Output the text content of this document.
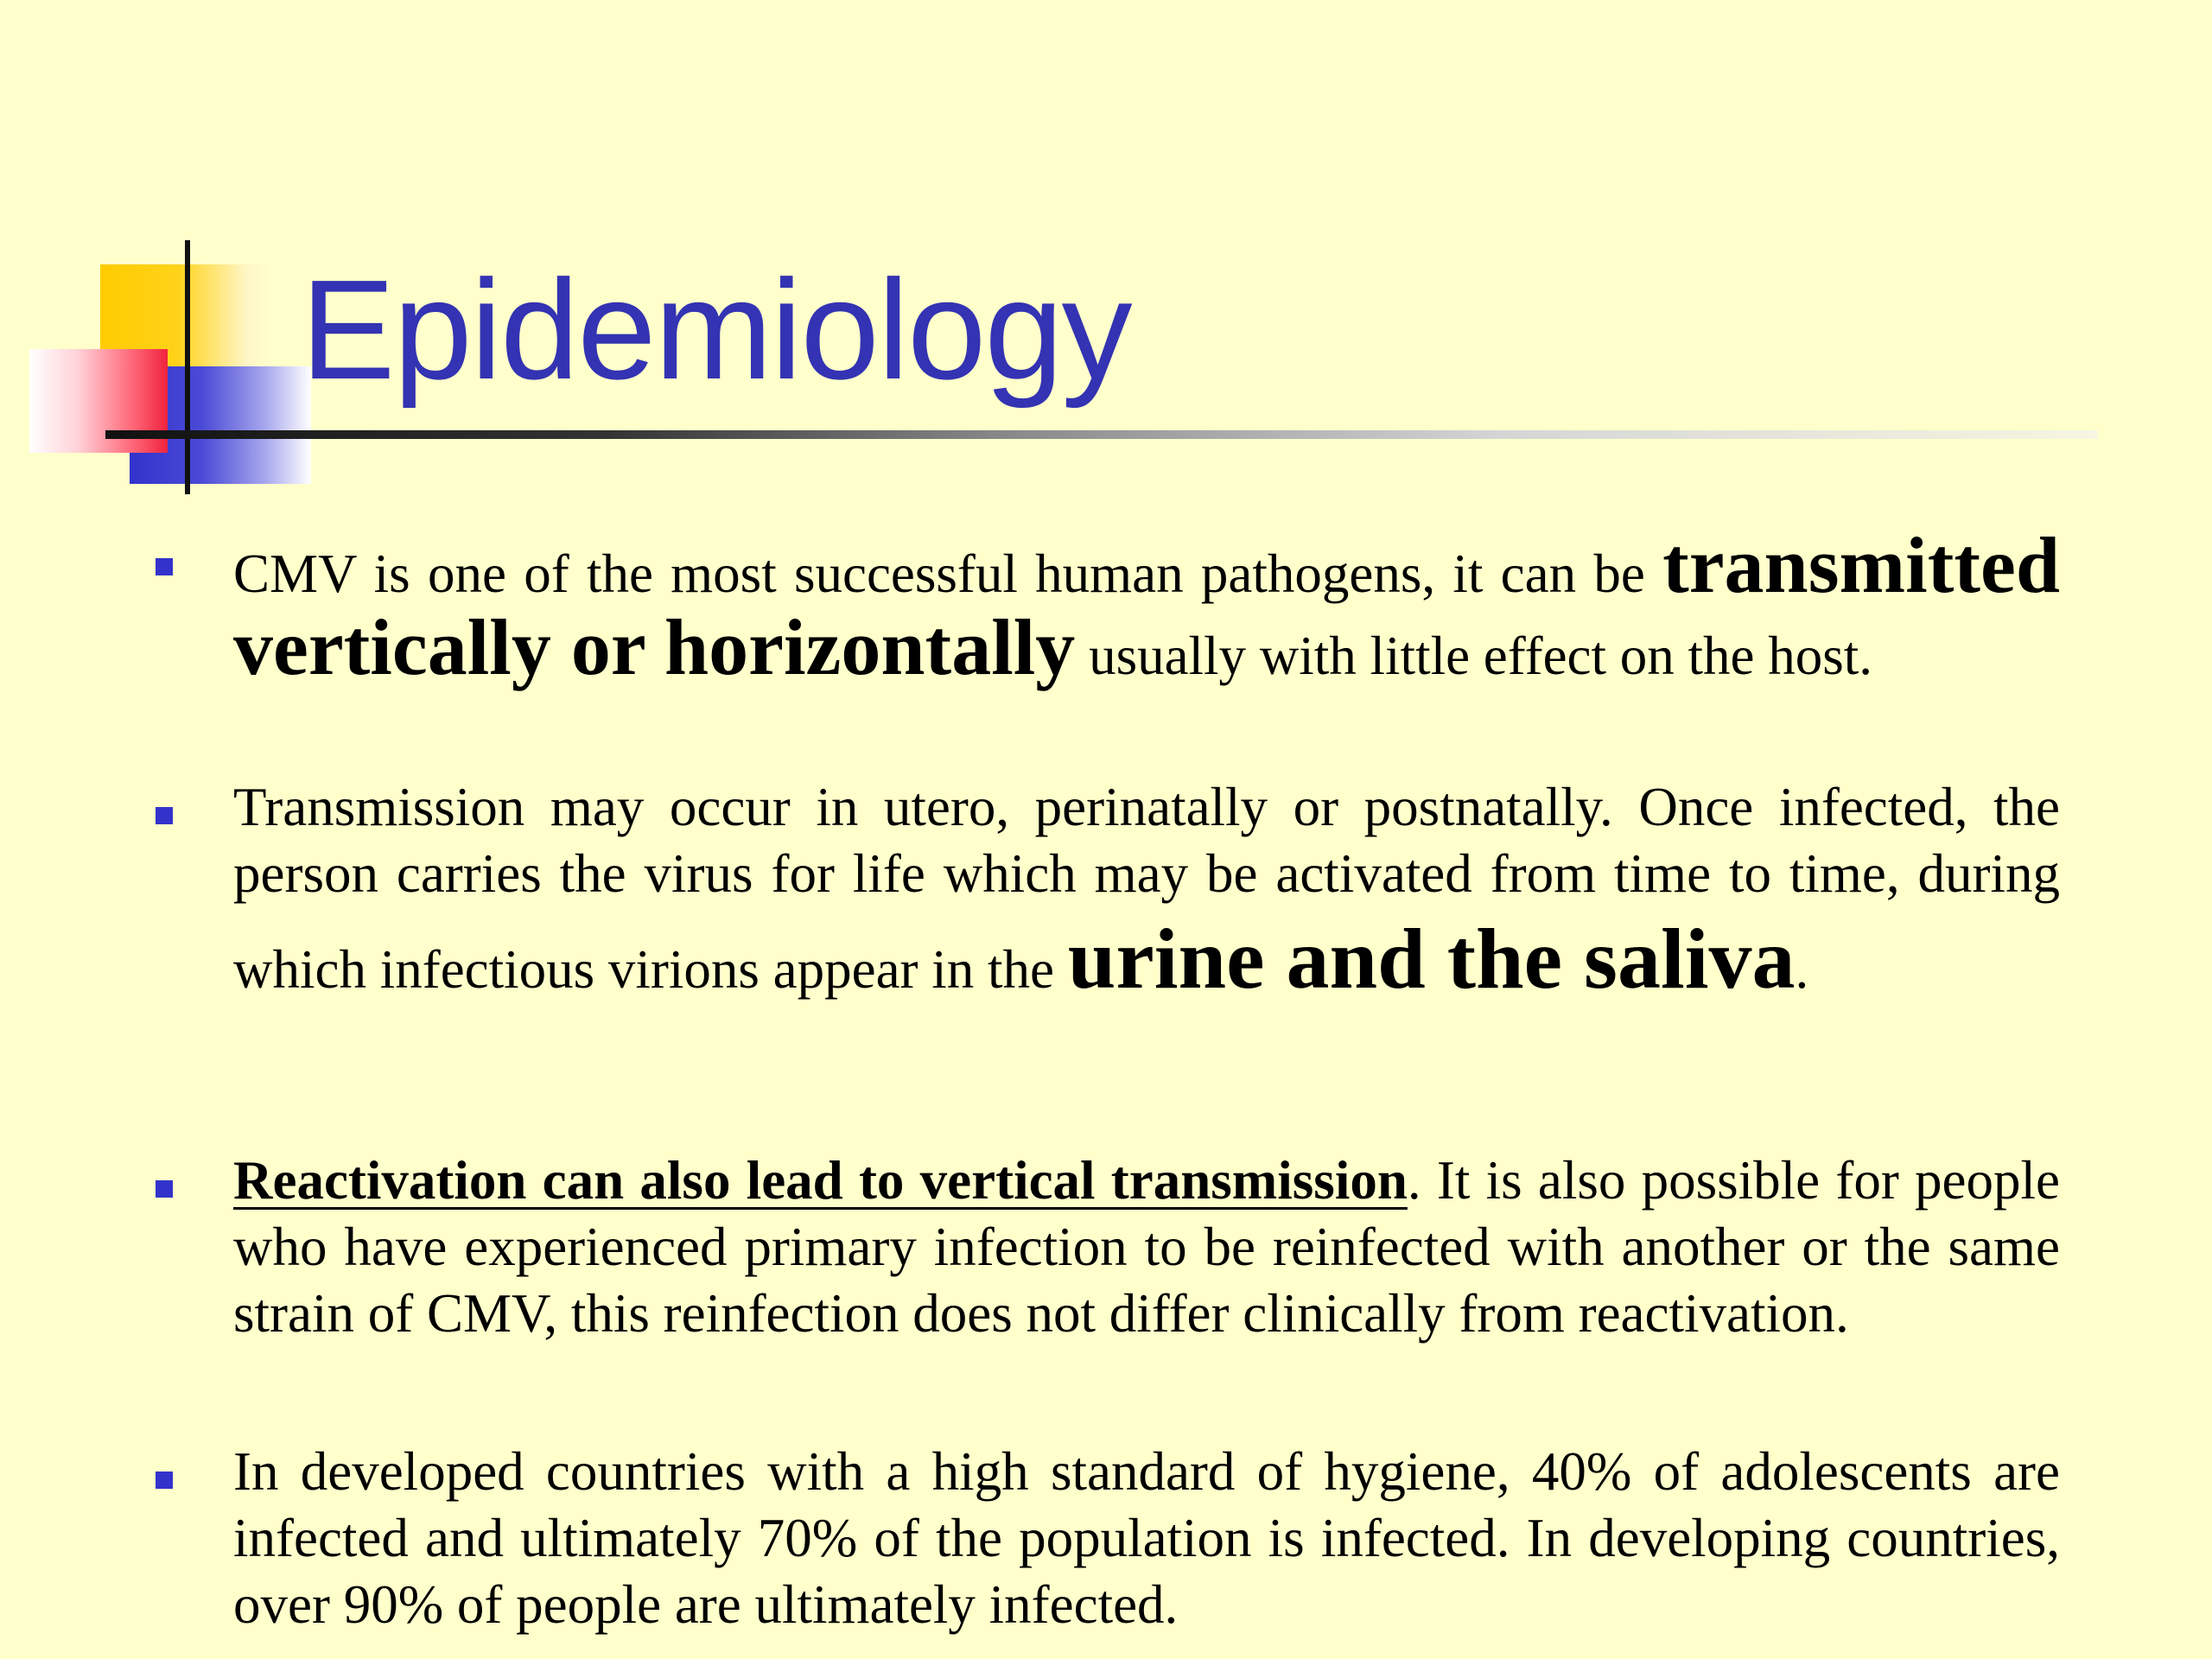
Epidemiology
CMV is one of the most successful human pathogens, it can be transmitted vertically or horizontally usually with little effect on the host.
Transmission may occur in utero, perinatally or postnatally. Once infected, the person carries the virus for life which may be activated from time to time, during which infectious virions appear in the urine and the saliva.
Reactivation can also lead to vertical transmission. It is also possible for people who have experienced primary infection to be reinfected with another or the same strain of CMV, this reinfection does not differ clinically from reactivation.
In developed countries with a high standard of hygiene, 40% of adolescents are infected and ultimately 70% of the population is infected. In developing countries, over 90% of people are ultimately infected.
